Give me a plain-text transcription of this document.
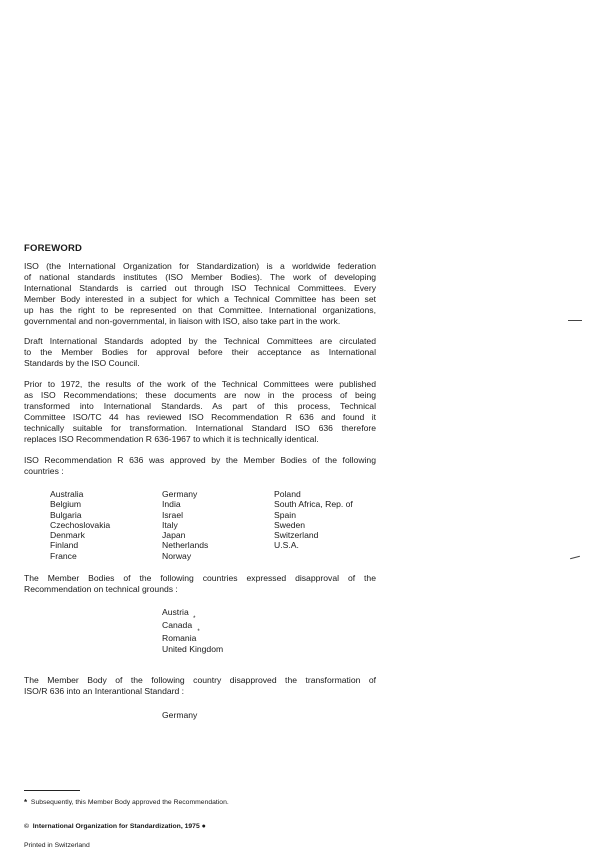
FOREWORD
ISO (the International Organization for Standardization) is a worldwide federation
of national standards institutes (ISO Member Bodies). The work of developing
International Standards is carried out through ISO Technical Committees. Every
Member Body interested in a subject for which a Technical Committee has been set
up has the right to be represented on that Committee. International organizations,
governmental and non-governmental, in liaison with ISO, also take part in the work.
Draft International Standards adopted by the Technical Committees are circulated
to the Member Bodies for approval before their acceptance as International
Standards by the ISO Council.
Prior to 1972, the results of the work of the Technical Committees were published
as ISO Recommendations; these documents are now in the process of being
transformed into International Standards. As part of this process, Technical
Committee ISO/TC 44 has reviewed ISO Recommendation R 636 and found it
technically suitable for transformation. International Standard ISO 636 therefore
replaces ISO Recommendation R 636-1967 to which it is technically identical.
ISO Recommendation R 636 was approved by the Member Bodies of the following
countries :
Australia
Belgium
Bulgaria
Czechoslovakia
Denmark
Finland
France
Germany
India
Israel
Italy
Japan
Netherlands
Norway
Poland
South Africa, Rep. of
Spain
Sweden
Switzerland
U.S.A.
The Member Bodies of the following countries expressed disapproval of the
Recommendation on technical grounds :
Austria
Canada*
Romania*
United Kingdom
The Member Body of the following country disapproved the transformation of
ISO/R 636 into an Interantional Standard :
Germany
* Subsequently, this Member Body approved the Recommendation.
© International Organization for Standardization, 1975 ●
Printed in Switzerland
